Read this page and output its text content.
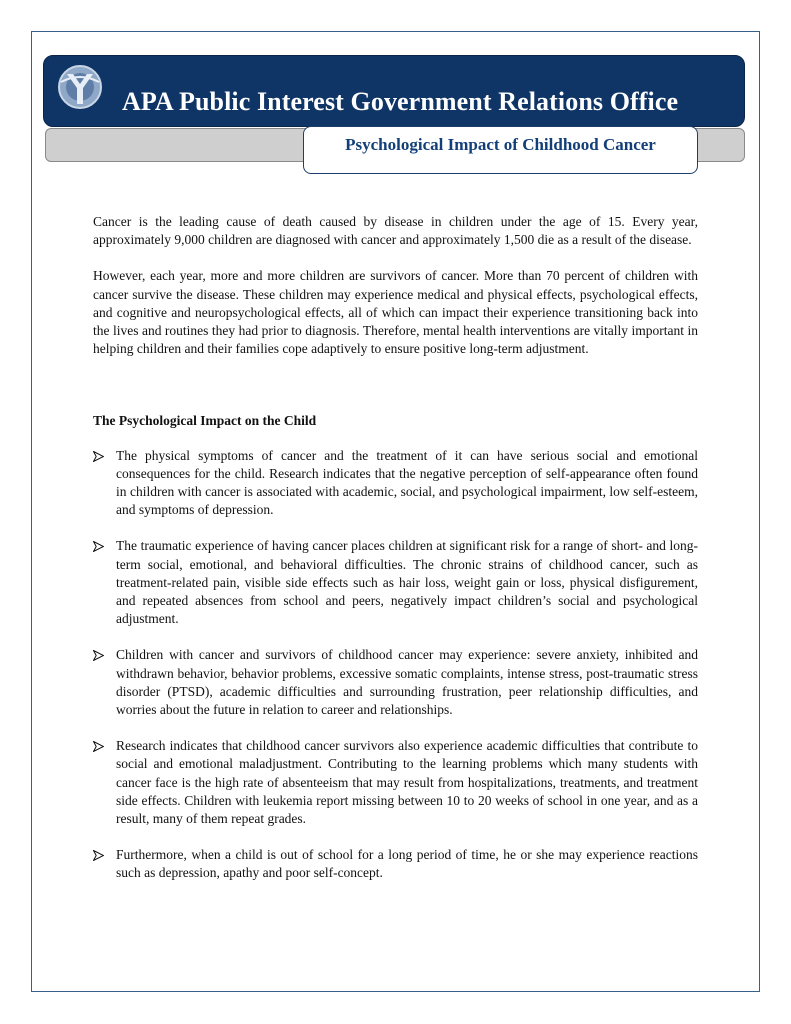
APA Public Interest Government Relations Office
Psychological Impact of Childhood Cancer

Cancer is the leading cause of death caused by disease in children under the age of 15. Every year, approximately 9,000 children are diagnosed with cancer and approximately 1,500 die as a result of the disease.

However, each year, more and more children are survivors of cancer. More than 70 percent of children with cancer survive the disease. These children may experience medical and physical effects, psychological effects, and cognitive and neuropsychological effects, all of which can impact their experience transitioning back into the lives and routines they had prior to diagnosis. Therefore, mental health interventions are vitally important in helping children and their families cope adaptively to ensure positive long-term adjustment.

The Psychological Impact on the Child

The physical symptoms of cancer and the treatment of it can have serious social and emotional consequences for the child. Research indicates that the negative perception of self-appearance often found in children with cancer is associated with academic, social, and psychological impairment, low self-esteem, and symptoms of depression.
The traumatic experience of having cancer places children at significant risk for a range of short- and long-term social, emotional, and behavioral difficulties. The chronic strains of childhood cancer, such as treatment-related pain, visible side effects such as hair loss, weight gain or loss, physical disfigurement, and repeated absences from school and peers, negatively impact children’s social and psychological adjustment.
Children with cancer and survivors of childhood cancer may experience: severe anxiety, inhibited and withdrawn behavior, behavior problems, excessive somatic complaints, intense stress, post-traumatic stress disorder (PTSD), academic difficulties and surrounding frustration, peer relationship difficulties, and worries about the future in relation to career and relationships.
Research indicates that childhood cancer survivors also experience academic difficulties that contribute to social and emotional maladjustment. Contributing to the learning problems which many students with cancer face is the high rate of absenteeism that may result from hospitalizations, treatments, and treatment side effects. Children with leukemia report missing between 10 to 20 weeks of school in one year, and as a result, many of them repeat grades.
Furthermore, when a child is out of school for a long period of time, he or she may experience reactions such as depression, apathy and poor self-concept.
